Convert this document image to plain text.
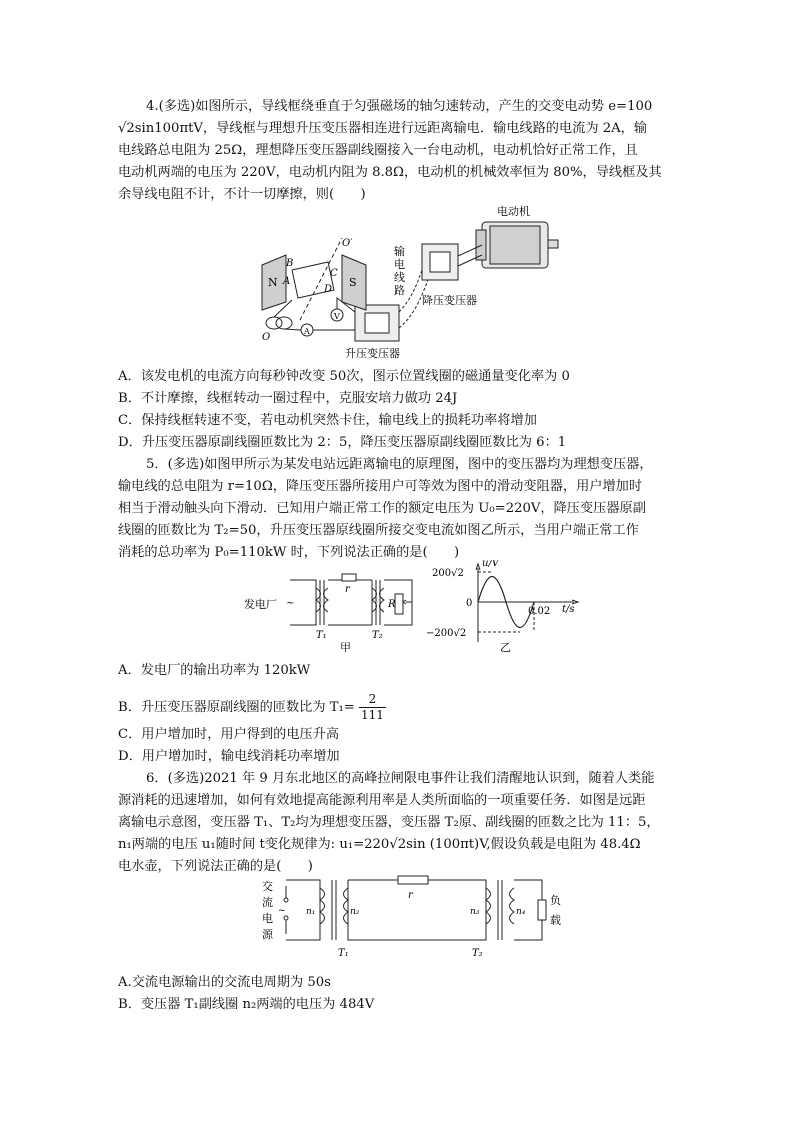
4.(多选)如图所示，导线框绕垂直于匀强磁场的轴匀速转动，产生的交变电动势 e=100
√2sin100πtV，导线框与理想升压变压器相连进行远距离输电．输电线路的电流为 2A，输
电线路总电阻为 25Ω，理想降压变压器副线圈接入一台电动机，电动机恰好正常工作，且
电动机两端的电压为 220V，电动机内阻为 8.8Ω，电动机的机械效率恒为 80%，导线框及其
余导线电阻不计，不计一切摩擦，则(　　)
电动机
输
电
线
路
降压变压器
升压变压器
N	S
A
B
C
D
O
O′
A
V
A．该发电机的电流方向每秒钟改变 50次，图示位置线圈的磁通量变化率为 0
B．不计摩擦，线框转动一圈过程中，克服安培力做功 24J
C．保持线框转速不变，若电动机突然卡住，输电线上的损耗功率将增加
D．升压变压器原副线圈匝数比为 2：5，降压变压器原副线圈匝数比为 6：1
5．(多选)如图甲所示为某发电站远距离输电的原理图，图中的变压器均为理想变压器，
输电线的总电阻为 r=10Ω，降压变压器所接用户可等效为图中的滑动变阻器，用户增加时
相当于滑动触头向下滑动．已知用户端正常工作的额定电压为 U₀=220V，降压变压器原副
线圈的匝数比为 T₂=50，升压变压器原线圈所接交变电流如图乙所示，当用户端正常工作
消耗的总功率为 P₀=110kW 时，下列说法正确的是(　　)
发电厂 ~
r
R
T₁	T₂
甲	乙
u/V
t/s
200√2
0
−200√2
0.02
A．发电厂的输出功率为 120kW
B．升压变压器原副线圈的匝数比为 $T_1= \frac{2}{111}$
C．用户增加时，用户得到的电压升高
D．用户增加时，输电线消耗功率增加
6．(多选)2021 年 9 月东北地区的高峰拉闸限电事件让我们清醒地认识到，随着人类能
源消耗的迅速增加，如何有效地提高能源利用率是人类所面临的一项重要任务．如图是远距
离输电示意图，变压器 T₁、T₂均为理想变压器，变压器 T₂原、副线圈的匝数之比为 11：5，
n₁两端的电压 u₁随时间 t变化规律为: u₁=220√2sin (100πt)V,假设负载是电阻为 48.4Ω
电水壶，下列说法正确的是(　　)
交
流
电
源
~
负
载
n₁	n₂	n₃	n₄
r
T₁	T₂
A.交流电源输出的交流电周期为 50s
B．变压器 T₁副线圈 n₂两端的电压为 484V
